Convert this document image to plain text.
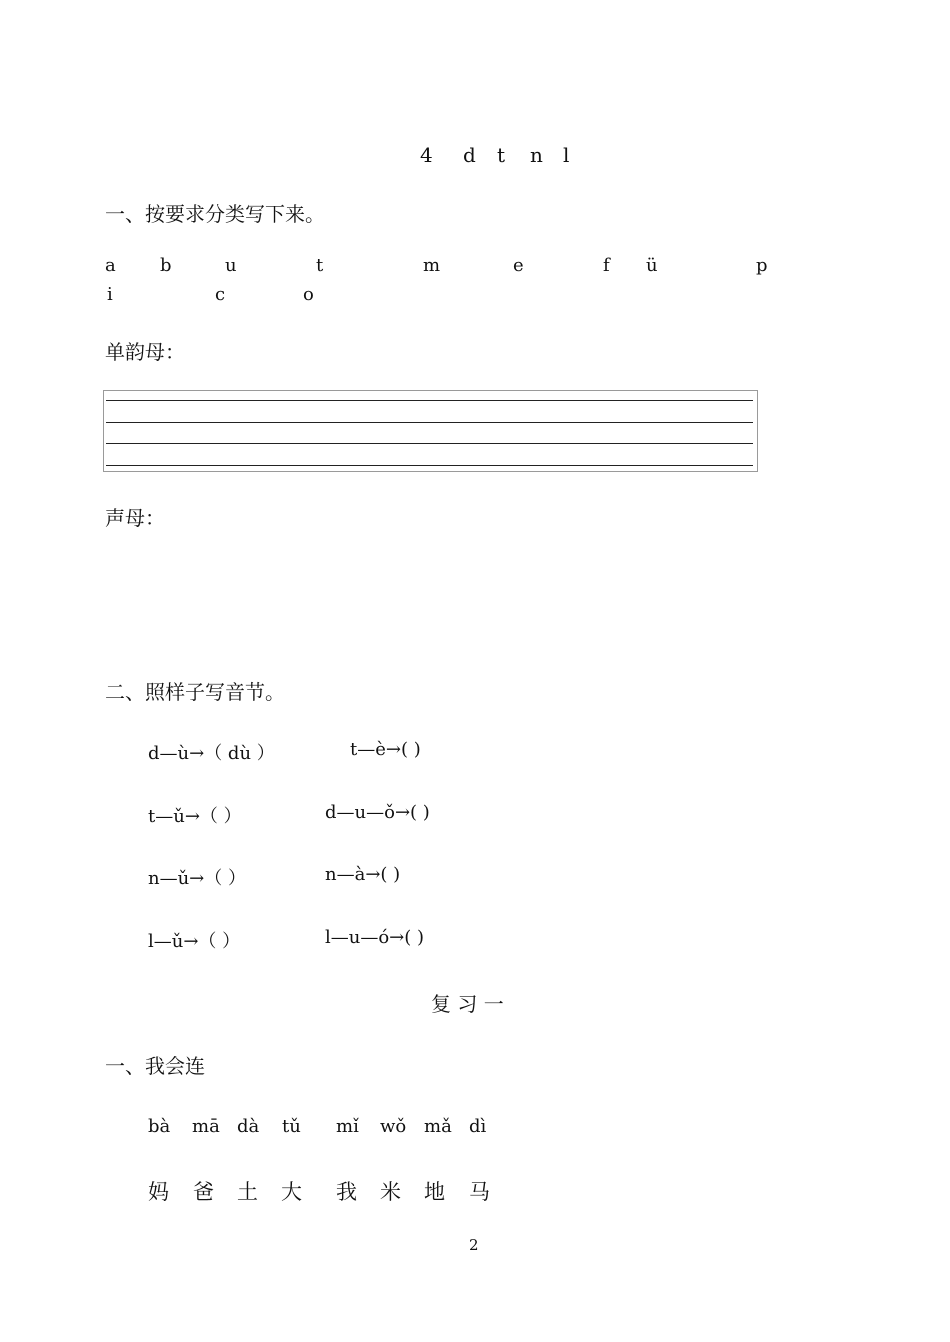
4 d t n l
一、按要求分类写下来。
a b	u	t	m	e	f ü	p
i	c	o
单韵母：
声母：
二、照样子写音节。
d—ù→（ dù ）	t—è→( )
t—ǔ→（ ）	d—u—ǒ→( )
n—ǔ→（ ）	n—à→( )
l—ǔ→（ ）	l—u—ó→( )
复 习 一
一、我会连
bà mā dà tǔ mǐ wǒ mǎ dì
妈 爸 土 大 我 米 地 马
2
